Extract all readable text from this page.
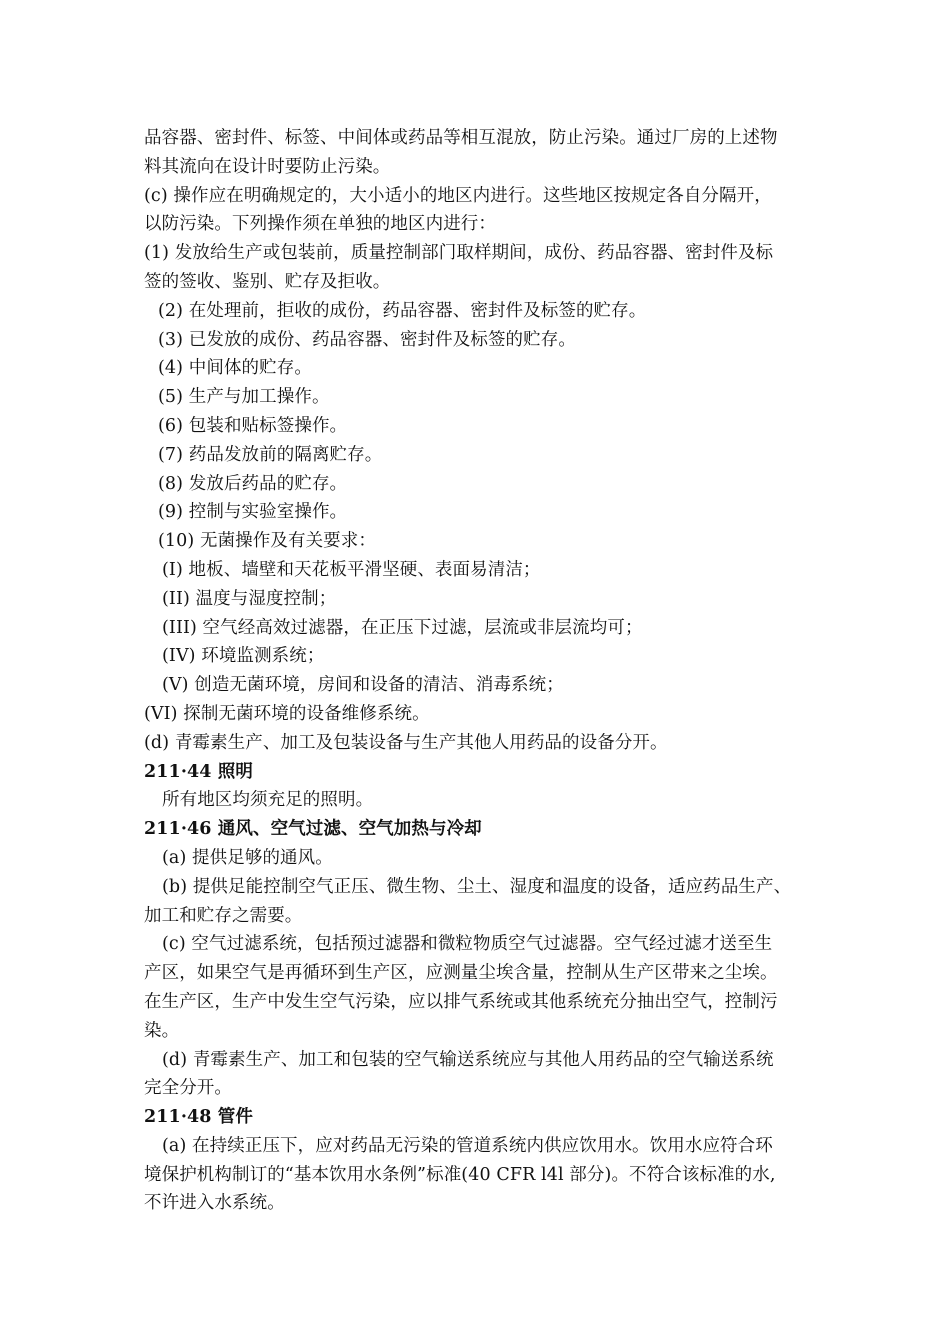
品容器、密封件、标签、中间体或药品等相互混放，防止污染。通过厂房的上述物
料其流向在设计时要防止污染。
(c) 操作应在明确规定的，大小适小的地区内进行。这些地区按规定各自分隔开，
以防污染。下列操作须在单独的地区内进行：
(1) 发放给生产或包装前，质量控制部门取样期间，成份、药品容器、密封件及标
签的签收、鉴别、贮存及拒收。
(2) 在处理前，拒收的成份，药品容器、密封件及标签的贮存。
(3) 已发放的成份、药品容器、密封件及标签的贮存。
(4) 中间体的贮存。
(5) 生产与加工操作。
(6) 包装和贴标签操作。
(7) 药品发放前的隔离贮存。
(8) 发放后药品的贮存。
(9) 控制与实验室操作。
(10) 无菌操作及有关要求：
(I) 地板、墙壁和天花板平滑坚硬、表面易清洁；
(II) 温度与湿度控制；
(III) 空气经高效过滤器，在正压下过滤，层流或非层流均可；
(IV) 环境监测系统；
(V) 创造无菌环境，房间和设备的清洁、消毒系统；
(VI) 探制无菌环境的设备维修系统。
(d) 青霉素生产、加工及包装设备与生产其他人用药品的设备分开。
211·44 照明
所有地区均须充足的照明。
211·46 通风、空气过滤、空气加热与冷却
(a) 提供足够的通风。
(b) 提供足能控制空气正压、微生物、尘土、湿度和温度的设备，适应药品生产、
加工和贮存之需要。
(c) 空气过滤系统，包括预过滤器和微粒物质空气过滤器。空气经过滤才送至生
产区，如果空气是再循环到生产区，应测量尘埃含量，控制从生产区带来之尘埃。
在生产区，生产中发生空气污染，应以排气系统或其他系统充分抽出空气，控制污
染。
(d) 青霉素生产、加工和包装的空气输送系统应与其他人用药品的空气输送系统
完全分开。
211·48 管件
(a) 在持续正压下，应对药品无污染的管道系统内供应饮用水。饮用水应符合环
境保护机构制订的“基本饮用水条例”标准(40 CFR l4l 部分)。不符合该标准的水,
不许进入水系统。
